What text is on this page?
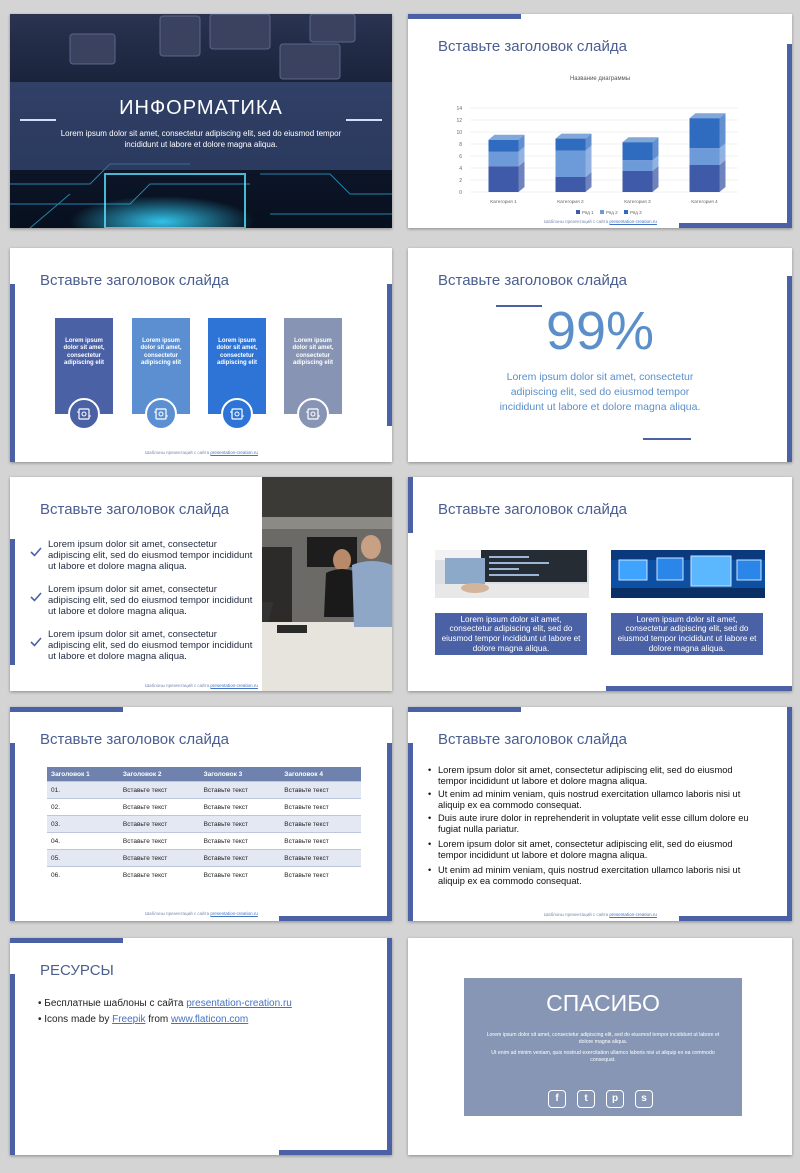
ИНФОРМАТИКА
Lorem ipsum dolor sit amet, consectetur adipiscing elit, sed do eiusmod tempor incididunt ut labore et dolore magna aliqua.
Вставьте заголовок слайда
Название диаграммы
0
2
4
6
8
10
12
14
Категория 1	Категория 2	Категория 3	Категория 4
Ряд 1	Ряд 2	Ряд 3
Шаблоны презентаций с сайта presentation-creation.ru
Вставьте заголовок слайда
Lorem ipsum dolor sit amet, consectetur adipiscing elit
Lorem ipsum dolor sit amet, consectetur adipiscing elit
Lorem ipsum dolor sit amet, consectetur adipiscing elit
Lorem ipsum dolor sit amet, consectetur adipiscing elit
Шаблоны презентаций с сайта presentation-creation.ru
Вставьте заголовок слайда
99%
Lorem ipsum dolor sit amet, consectetur adipiscing elit, sed do eiusmod tempor incididunt ut labore et dolore magna aliqua.
Вставьте заголовок слайда
Lorem ipsum dolor sit amet, consectetur adipiscing elit, sed do eiusmod tempor incididunt ut labore et dolore magna aliqua.
Lorem ipsum dolor sit amet, consectetur adipiscing elit, sed do eiusmod tempor incididunt ut labore et dolore magna aliqua.
Lorem ipsum dolor sit amet, consectetur adipiscing elit, sed do eiusmod tempor incididunt ut labore et dolore magna aliqua.
Шаблоны презентаций с сайта presentation-creation.ru
Вставьте заголовок слайда
Lorem ipsum dolor sit amet, consectetur adipiscing elit, sed do eiusmod tempor incididunt ut labore et dolore magna aliqua.
Lorem ipsum dolor sit amet, consectetur adipiscing elit, sed do eiusmod tempor incididunt ut labore et dolore magna aliqua.
Вставьте заголовок слайда
Заголовок 1	Заголовок 2	Заголовок 3	Заголовок 4
01.	Вставьте текст	Вставьте текст	Вставьте текст
02.	Вставьте текст	Вставьте текст	Вставьте текст
03.	Вставьте текст	Вставьте текст	Вставьте текст
04.	Вставьте текст	Вставьте текст	Вставьте текст
05.	Вставьте текст	Вставьте текст	Вставьте текст
06.	Вставьте текст	Вставьте текст	Вставьте текст
Шаблоны презентаций с сайта presentation-creation.ru
Вставьте заголовок слайда
• Lorem ipsum dolor sit amet, consectetur adipiscing elit, sed do eiusmod tempor incididunt ut labore et dolore magna aliqua.
• Ut enim ad minim veniam, quis nostrud exercitation ullamco laboris nisi ut aliquip ex ea commodo consequat.
• Duis aute irure dolor in reprehenderit in voluptate velit esse cillum dolore eu fugiat nulla pariatur.
• Lorem ipsum dolor sit amet, consectetur adipiscing elit, sed do eiusmod tempor incididunt ut labore et dolore magna aliqua.
• Ut enim ad minim veniam, quis nostrud exercitation ullamco laboris nisi ut aliquip ex ea commodo consequat.
Шаблоны презентаций с сайта presentation-creation.ru
РЕСУРСЫ
• Бесплатные шаблоны с сайта presentation-creation.ru
• Icons made by Freepik from www.flaticon.com
СПАСИБО
Lorem ipsum dolor sit amet, consectetur adipiscing elit, sed do eiusmod tempor incididunt ut labore et dolore magna aliqua.
Ut enim ad minim veniam, quis nostrud exercitation ullamco laboris nisi ut aliquip ex ea commodo consequat.
f	t	p	s
